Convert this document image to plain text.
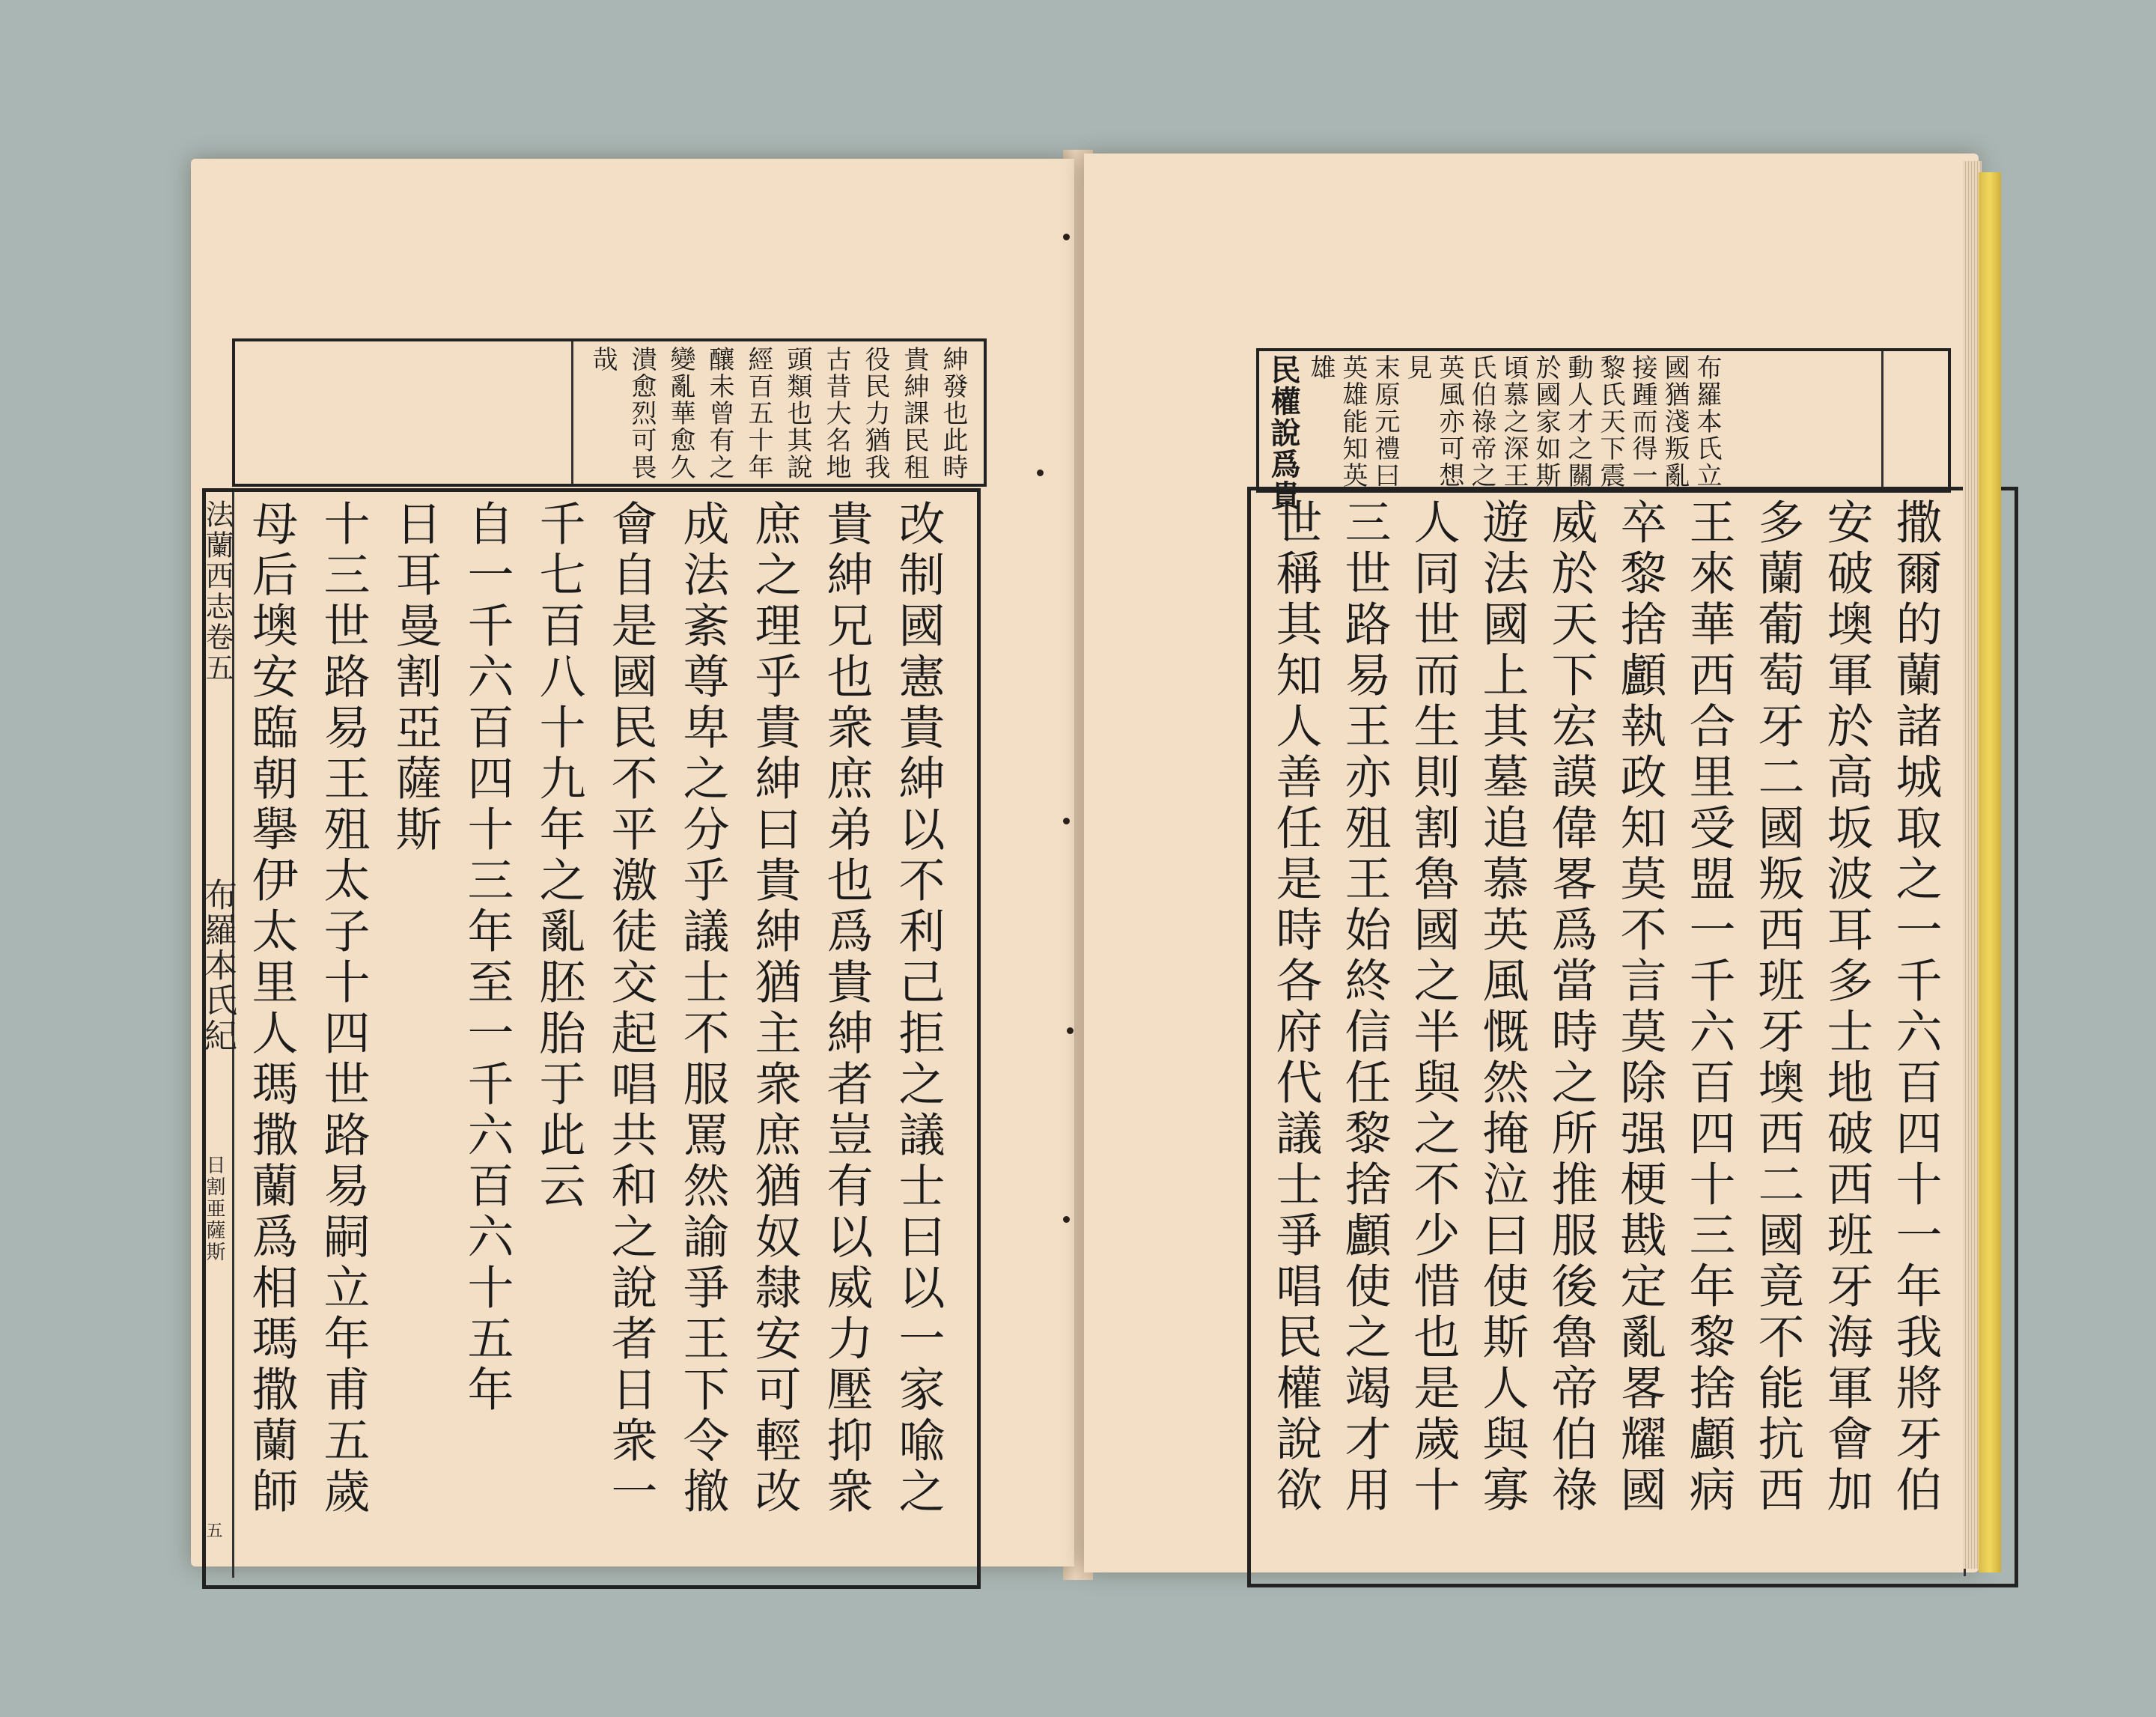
紳發也此時
貴紳課民租
役民力猶我
古昔大名地
頭類也其說
經百五十年
釀未曾有之
變亂華愈久
潰愈烈可畏
哉
改制國憲貴紳以不利己拒之議士曰以一家喩之
貴紳兄也衆庶弟也爲貴紳者豈有以威力壓抑衆
庶之理乎貴紳曰貴紳猶主衆庶猶奴隸安可輕改
成法紊尊卑之分乎議士不服罵然諭爭王下令撤
會自是國民不平激徒交起唱共和之說者日衆一
千七百八十九年之亂胚胎于此云
自一千六百四十三年至一千六百六十五年
日耳曼割亞薩斯
十三世路易王殂太子十四世路易嗣立年甫五歲
母后墺安臨朝擧伊太里人瑪撒蘭爲相瑪撒蘭師
法蘭西志卷五
布羅本氏紀
日割亜薩斯
五
民權說爲貴	布羅本氏立
國猶淺叛亂
接踵而得一
黎氏天下震
動人才之關
於國家如斯
頃慕之深王
氏伯祿帝之
英風亦可想
見
末原元禮曰
英雄能知英
雄
撒爾的蘭諸城取之一千六百四十一年我將牙伯
安破墺軍於高坂波耳多士地破西班牙海軍會加
多蘭葡萄牙二國叛西班牙墺西二國竟不能抗西
王來華西合里受盟一千六百四十三年黎捨顱病
卒黎捨顱執政知莫不言莫除强梗戡定亂畧耀國
威於天下宏謨偉畧爲當時之所推服後魯帝伯祿
遊法國上其墓追慕英風慨然掩泣曰使斯人與寡
人同世而生則割魯國之半與之不少惜也是歲十
三世路易王亦殂王始終信任黎捨顱使之竭才用
世稱其知人善任是時各府代議士爭唱民權說欲
